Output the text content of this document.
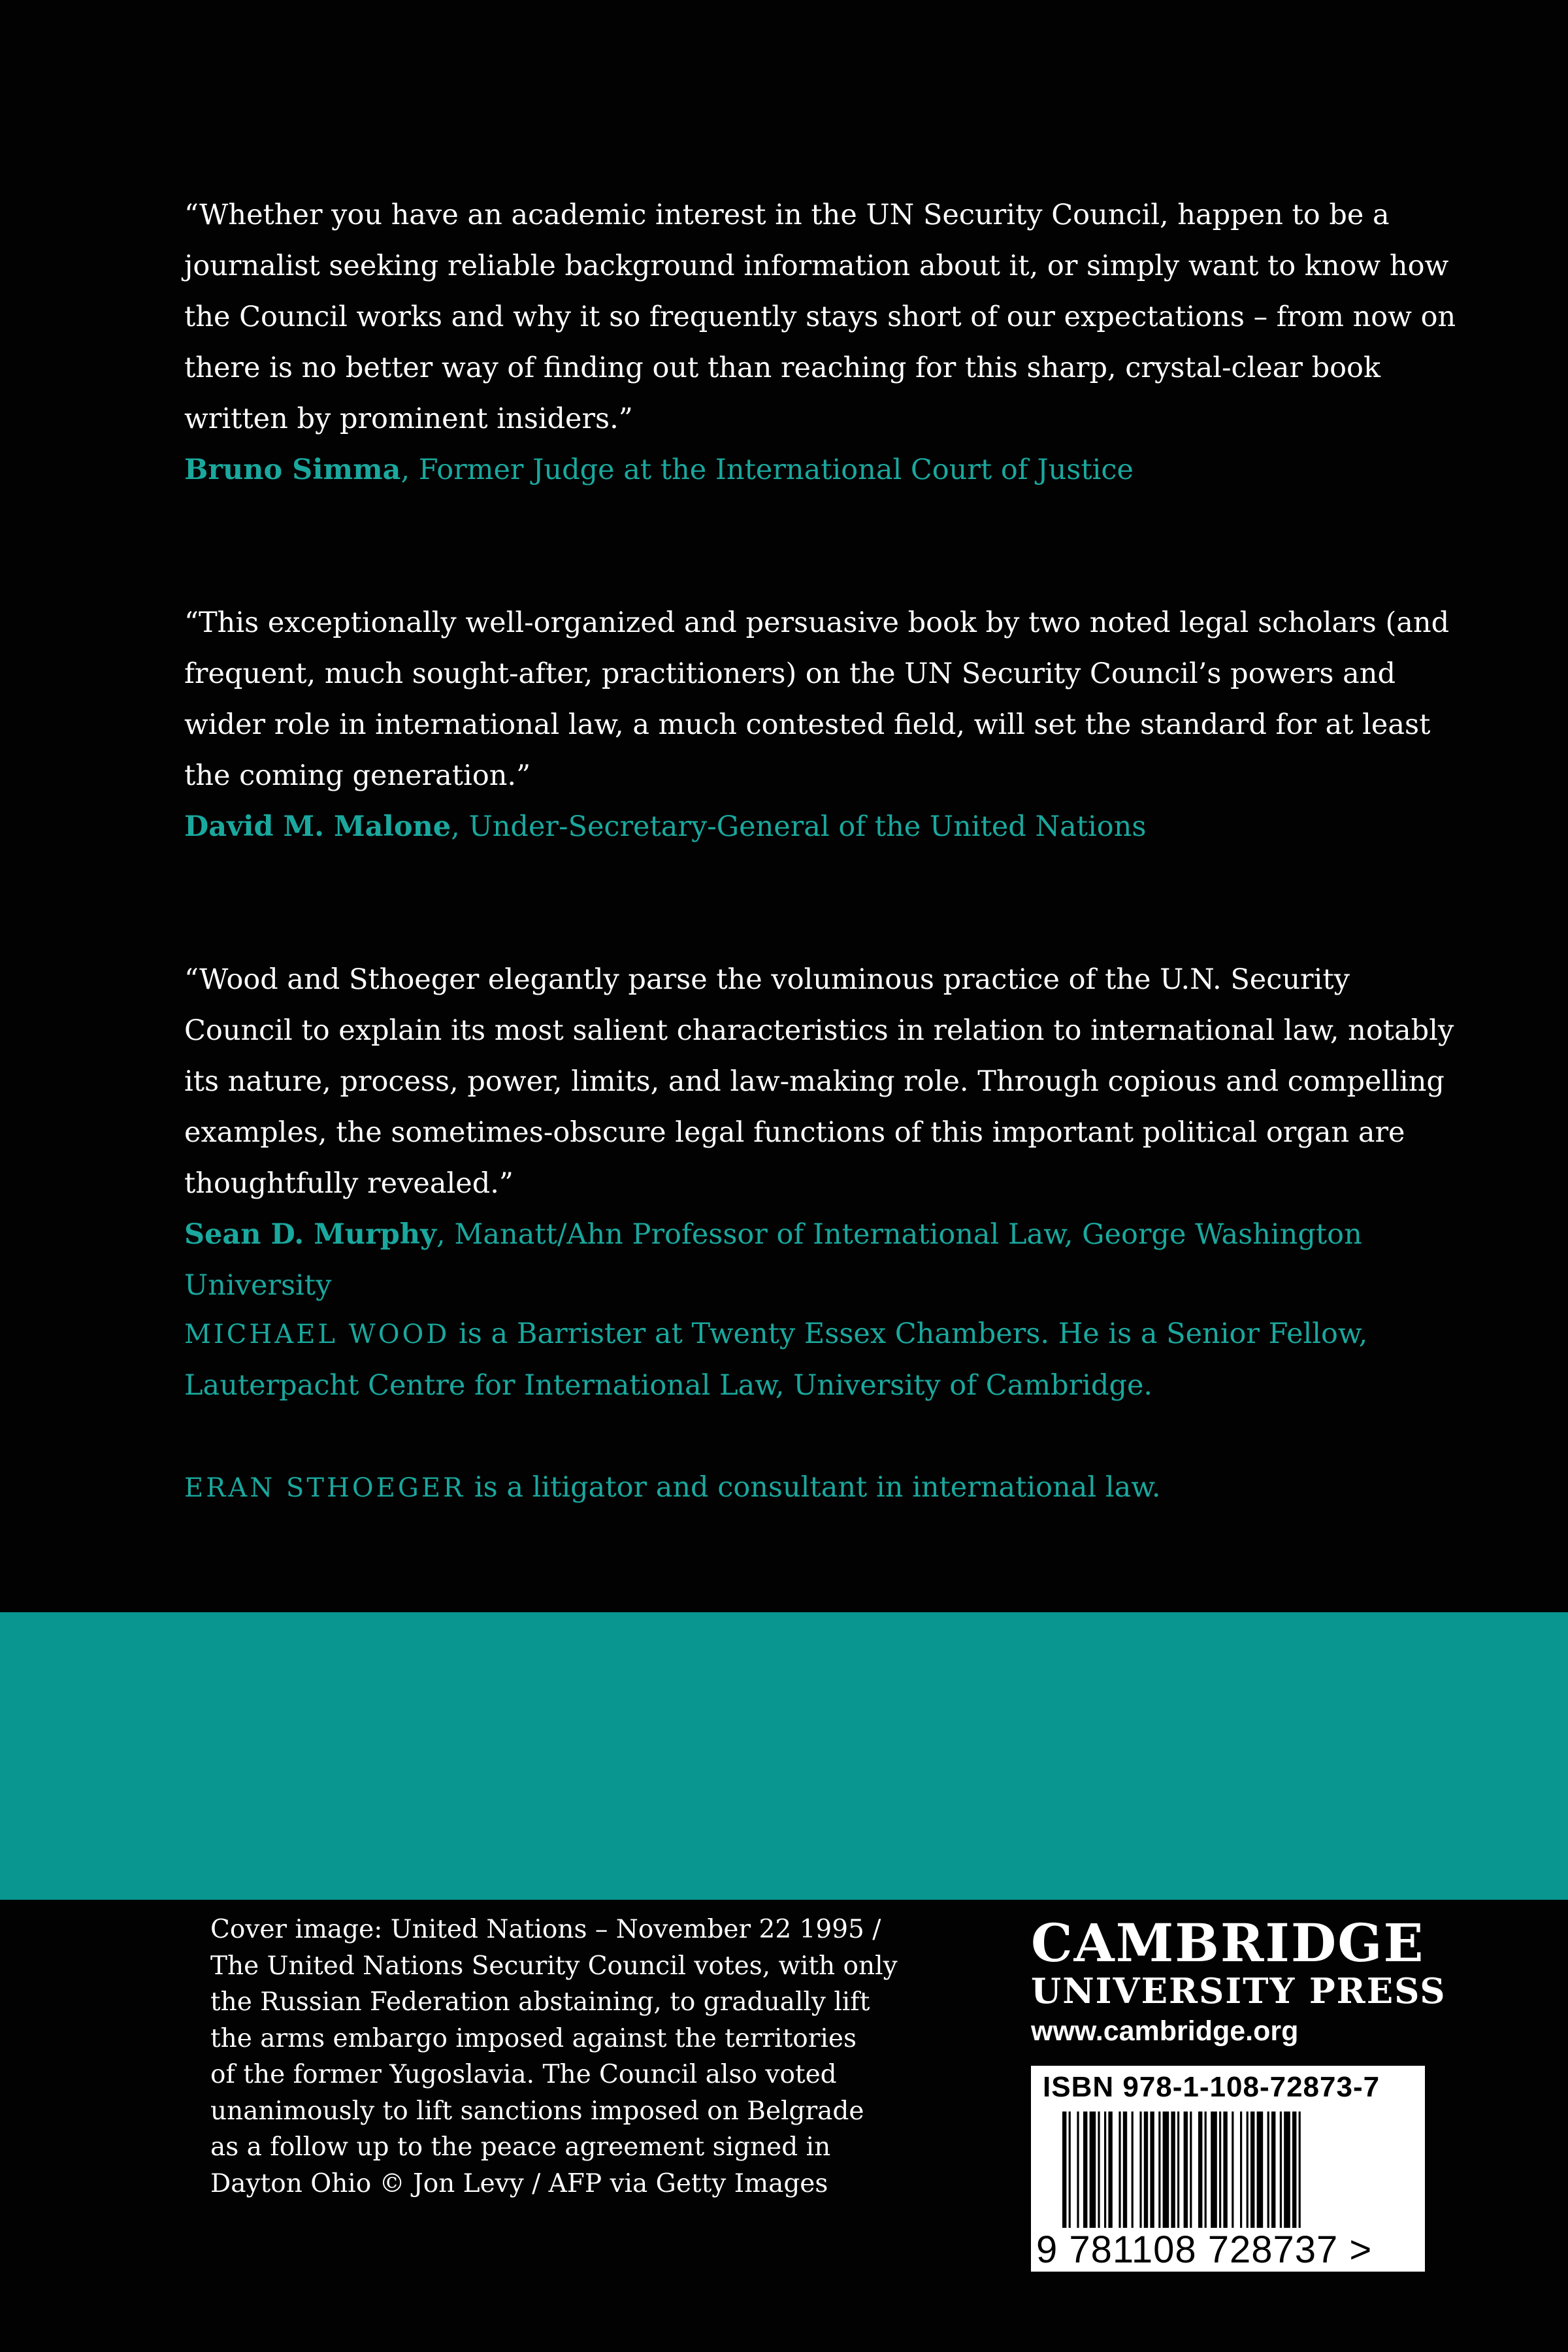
“Whether you have an academic interest in the UN Security Council, happen to be a journalist seeking reliable background information about it, or simply want to know how the Council works and why it so frequently stays short of our expectations – from now on there is no better way of finding out than reaching for this sharp, crystal-clear book written by prominent insiders.”
Bruno Simma, Former Judge at the International Court of Justice

“This exceptionally well-organized and persuasive book by two noted legal scholars (and frequent, much sought-after, practitioners) on the UN Security Council’s powers and wider role in international law, a much contested field, will set the standard for at least the coming generation.”
David M. Malone, Under-Secretary-General of the United Nations

“Wood and Sthoeger elegantly parse the voluminous practice of the U.N. Security Council to explain its most salient characteristics in relation to international law, notably its nature, process, power, limits, and law-making role. Through copious and compelling examples, the sometimes-obscure legal functions of this important political organ are thoughtfully revealed.”
Sean D. Murphy, Manatt/Ahn Professor of International Law, George Washington University

MICHAEL WOOD is a Barrister at Twenty Essex Chambers. He is a Senior Fellow, Lauterpacht Centre for International Law, University of Cambridge.
ERAN STHOEGER is a litigator and consultant in international law.
Cover image: United Nations – November 22 1995 /
The United Nations Security Council votes, with only
the Russian Federation abstaining, to gradually lift
the arms embargo imposed against the territories
of the former Yugoslavia. The Council also voted
unanimously to lift sanctions imposed on Belgrade
as a follow up to the peace agreement signed in
Dayton Ohio © Jon Levy / AFP via Getty Images
CAMBRIDGE
UNIVERSITY PRESS
www.cambridge.org
ISBN 978-1-108-72873-7
9 781108 728737 >
